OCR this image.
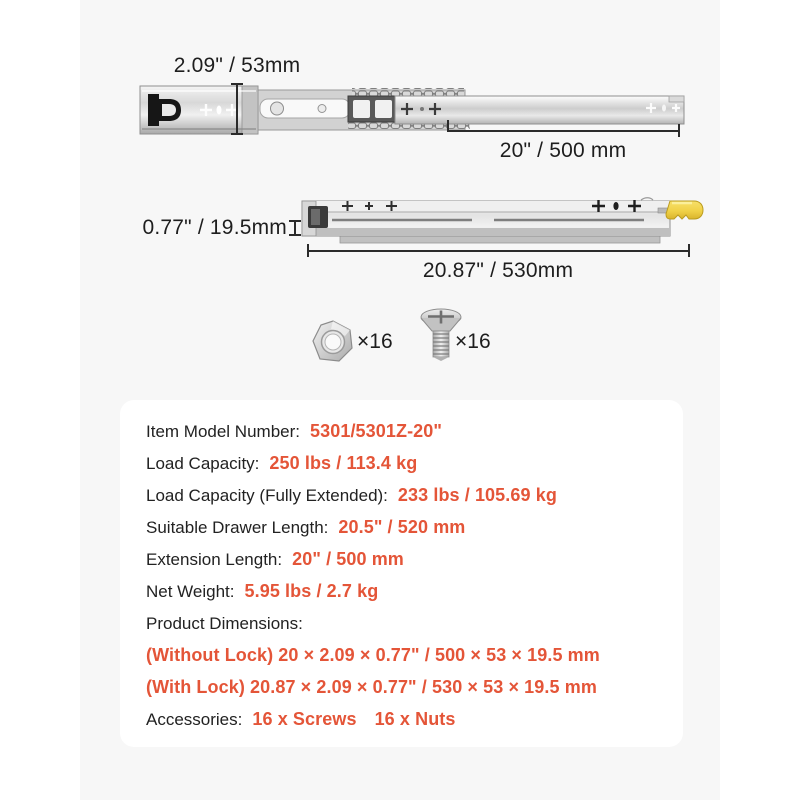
2.09" / 53mm
20" / 500 mm
0.77" / 19.5mm
20.87" / 530mm
×16	×16
Item Model Number: 5301/5301Z-20"
Load Capacity: 250 lbs / 113.4 kg
Load Capacity (Fully Extended): 233 lbs / 105.69 kg
Suitable Drawer Length: 20.5" / 520 mm
Extension Length: 20" / 500 mm
Net Weight: 5.95 lbs / 2.7 kg
Product Dimensions:
(Without Lock) 20 × 2.09 × 0.77" / 500 × 53 × 19.5 mm
(With Lock) 20.87 × 2.09 × 0.77" / 530 × 53 × 19.5 mm
Accessories: 16 x Screws 16 x Nuts
